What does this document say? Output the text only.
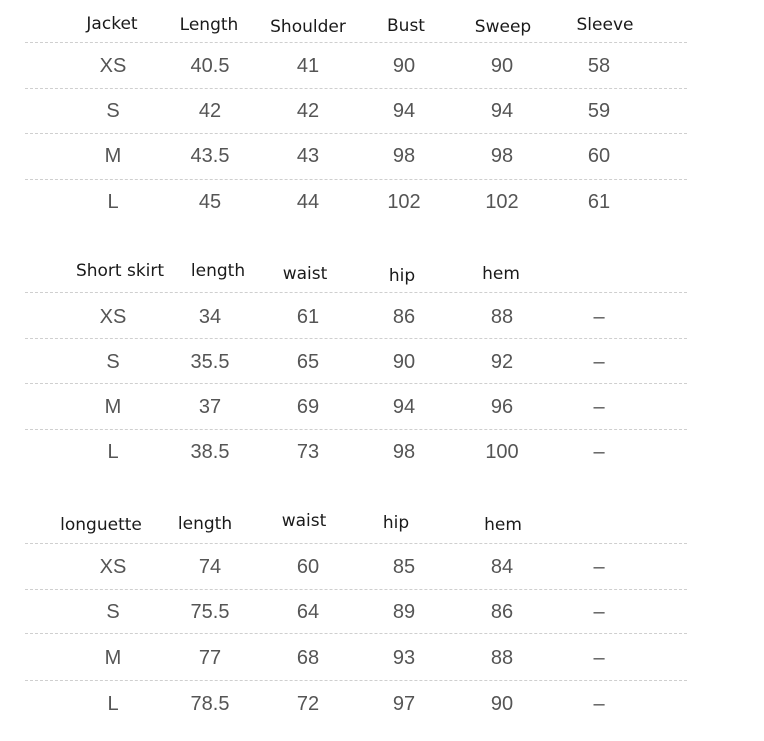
Jacket	Length	Shoulder	Bust	Sweep	Sleeve
XS	40.5	41	90	90	58
S	42	42	94	94	59
M	43.5	43	98	98	60
L	45	44	102	102	61
Short skirt	length	waist	hip	hem
XS	34	61	86	88	–
S	35.5	65	90	92	–
M	37	69	94	96	–
L	38.5	73	98	100	–
longuette	length	waist	hip	hem
XS	74	60	85	84	–
S	75.5	64	89	86	–
M	77	68	93	88	–
L	78.5	72	97	90	–
